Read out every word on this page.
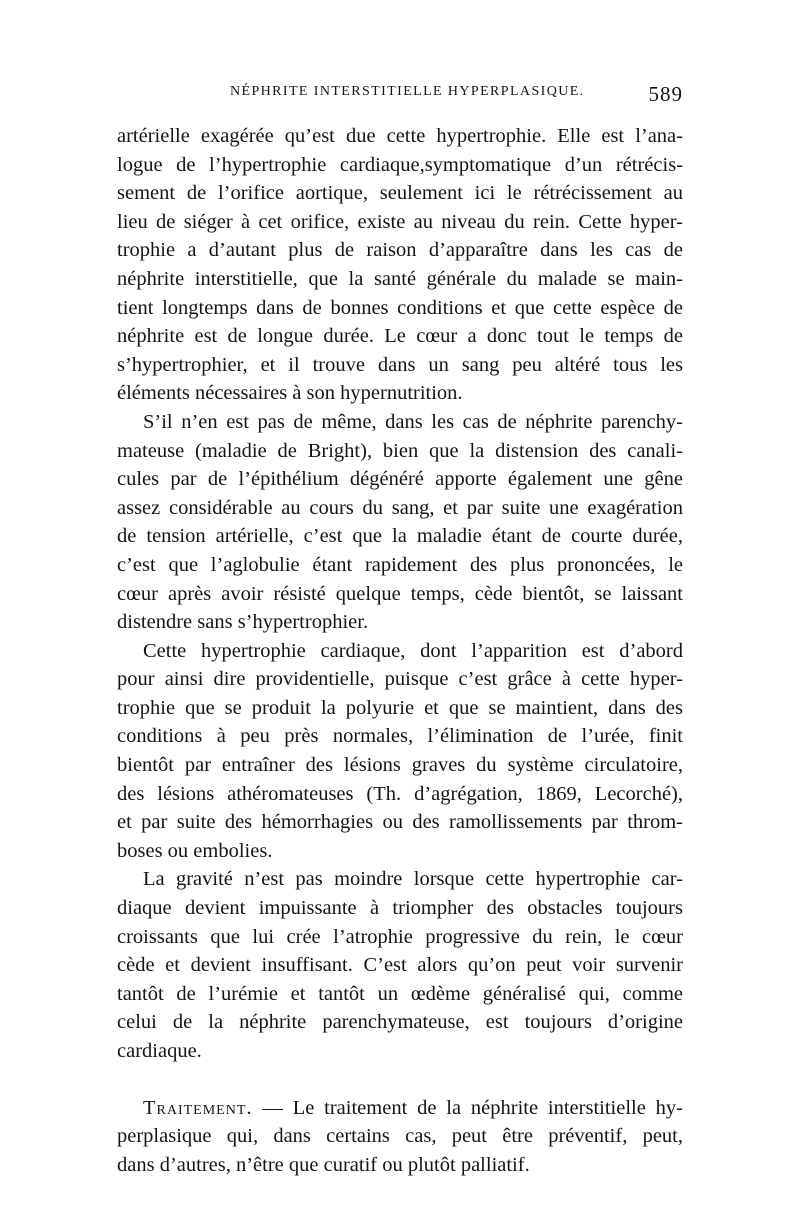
NÉPHRITE INTERSTITIELLE HYPERPLASIQUE.	589
artérielle exagérée qu’est due cette hypertrophie. Elle est l’ana-
logue de l’hypertrophie cardiaque,symptomatique d’un rétrécis-
sement de l’orifice aortique, seulement ici le rétrécissement au
lieu de siéger à cet orifice, existe au niveau du rein. Cette hyper-
trophie a d’autant plus de raison d’apparaître dans les cas de
néphrite interstitielle, que la santé générale du malade se main-
tient longtemps dans de bonnes conditions et que cette espèce de
néphrite est de longue durée. Le cœur a donc tout le temps de
s’hypertrophier, et il trouve dans un sang peu altéré tous les
éléments nécessaires à son hypernutrition.
S’il n’en est pas de même, dans les cas de néphrite parenchy-
mateuse (maladie de Bright), bien que la distension des canali-
cules par de l’épithélium dégénéré apporte également une gêne
assez considérable au cours du sang, et par suite une exagération
de tension artérielle, c’est que la maladie étant de courte durée,
c’est que l’aglobulie étant rapidement des plus prononcées, le
cœur après avoir résisté quelque temps, cède bientôt, se laissant
distendre sans s’hypertrophier.
Cette hypertrophie cardiaque, dont l’apparition est d’abord
pour ainsi dire providentielle, puisque c’est grâce à cette hyper-
trophie que se produit la polyurie et que se maintient, dans des
conditions à peu près normales, l’élimination de l’urée, finit
bientôt par entraîner des lésions graves du système circulatoire,
des lésions athéromateuses (Th. d’agrégation, 1869, Lecorché),
et par suite des hémorrhagies ou des ramollissements par throm-
boses ou embolies.
La gravité n’est pas moindre lorsque cette hypertrophie car-
diaque devient impuissante à triompher des obstacles toujours
croissants que lui crée l’atrophie progressive du rein, le cœur
cède et devient insuffisant. C’est alors qu’on peut voir survenir
tantôt de l’urémie et tantôt un œdème généralisé qui, comme
celui de la néphrite parenchymateuse, est toujours d’origine
cardiaque.
Traitement. — Le traitement de la néphrite interstitielle hy-
perplasique qui, dans certains cas, peut être préventif, peut,
dans d’autres, n’être que curatif ou plutôt palliatif.
